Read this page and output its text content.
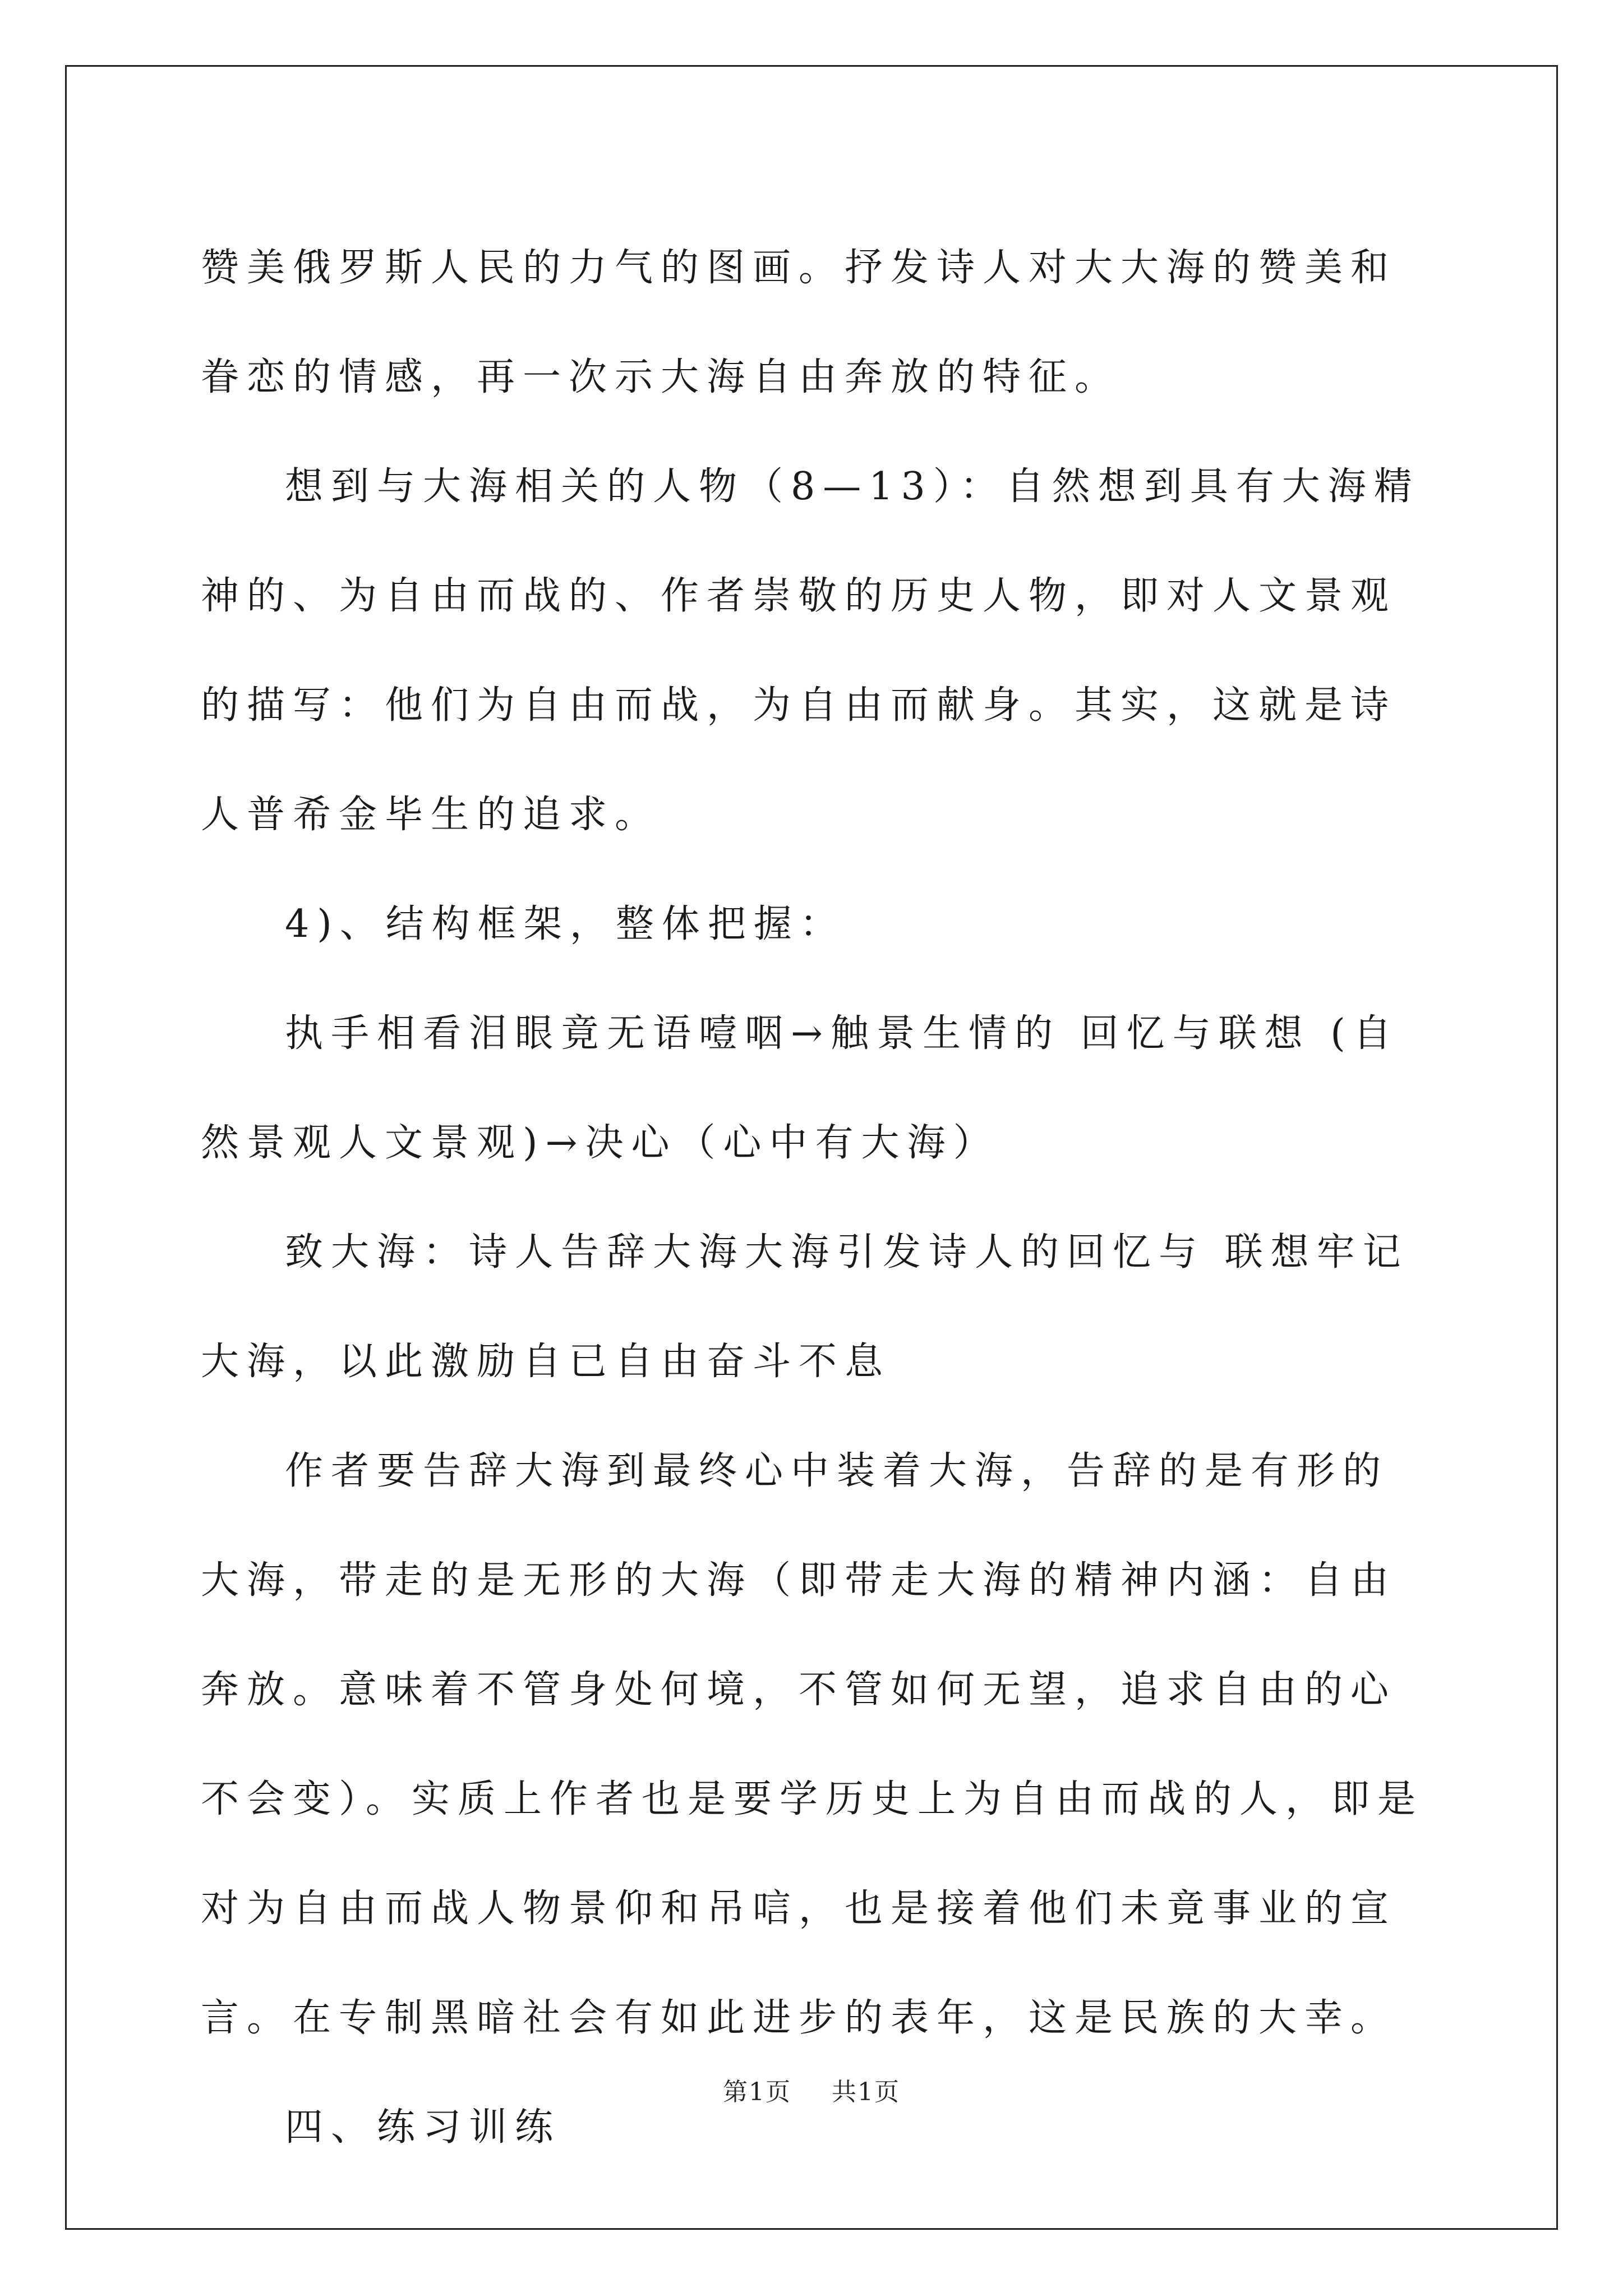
赞美俄罗斯人民的力气的图画。抒发诗人对大大海的赞美和眷恋的情感，再一次示大海自由奔放的特征。

想到与大海相关的人物（8—13）：自然想到具有大海精神的、为自由而战的、作者崇敬的历史人物，即对人文景观的描写：他们为自由而战，为自由而献身。其实，这就是诗人普希金毕生的追求。

4)、结构框架，整体把握：

执手相看泪眼竟无语噎咽→触景生情的 回忆与联想 (自然景观人文景观)→决心（心中有大海）

致大海：诗人告辞大海大海引发诗人的回忆与 联想牢记大海，以此激励自已自由奋斗不息

作者要告辞大海到最终心中装着大海，告辞的是有形的大海，带走的是无形的大海（即带走大海的精神内涵：自由奔放。意味着不管身处何境，不管如何无望，追求自由的心不会变）。实质上作者也是要学历史上为自由而战的人，即是对为自由而战人物景仰和吊唁，也是接着他们未竟事业的宣言。在专制黑暗社会有如此进步的表年，这是民族的大幸。

四、练习训练

第1页 共1页
